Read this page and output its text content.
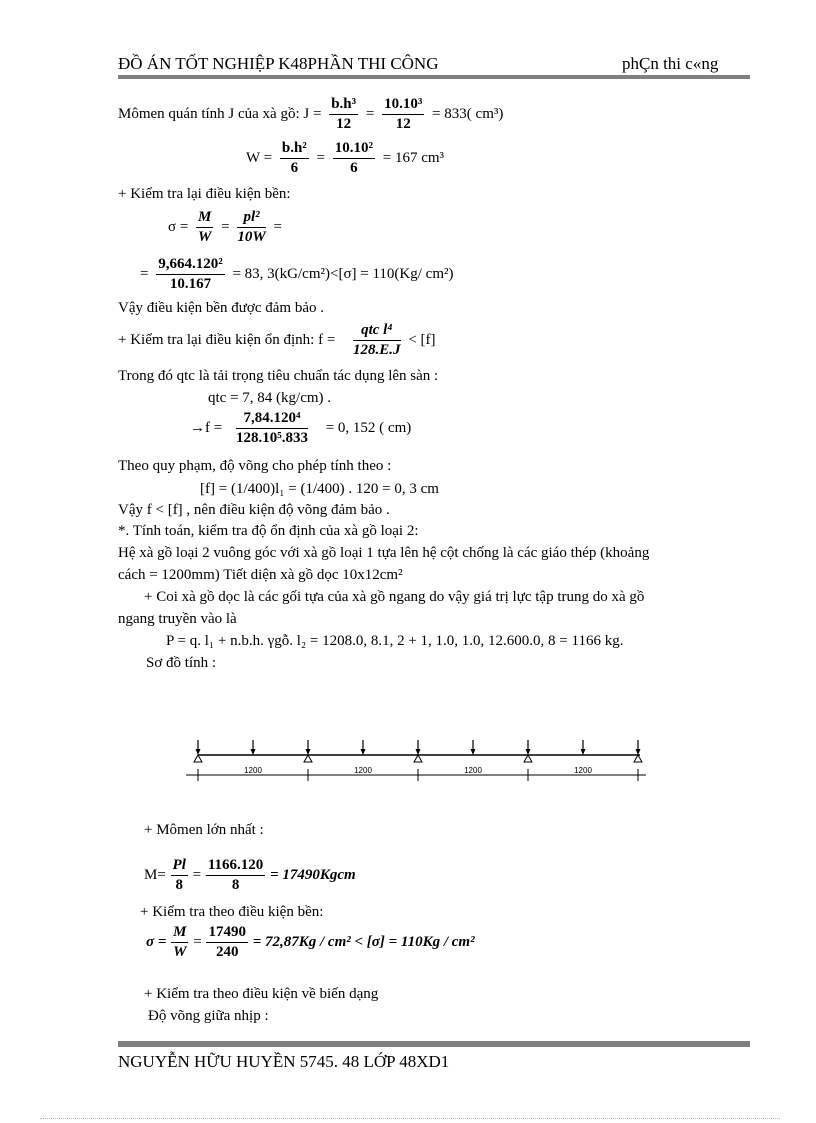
ĐỒ ÁN TỐT NGHIỆP K48PHẦN THI CÔNG	phÇn thi c«ng
Mômen quán tính J của xà gồ: $J = \frac{\text{b.h³}}{12} = \frac{\text{10.10³}}{12} = 833$( cm³)
$W = \frac{\text{b.h²}}{6} = \frac{\text{10.10²}}{6} = 167$ cm³
+ Kiểm tra lại điều kiện bền:
$\sigma = \frac{M}{W} = \frac{\text{pl²}}{10W}$ =
= $\frac{\text{9,664.120²}}{10.167} = 83$, 3(kG/cm²)<[σ] = 110(Kg/ cm²)
Vậy điều kiện bền được đảm bảo .
+ Kiểm tra lại điều kiện ổn định: $f = \frac{\text{qtc l⁴}}{128.E.J} < [f]$
Trong đó qtc là tải trọng tiêu chuẩn tác dụng lên sàn :
qtc = 7, 84 (kg/cm) .
$\to f = \frac{\text{7,84.120⁴}}{\text{128.10⁵.833}} = 0$, 152 ( cm)
Theo quy phạm, độ võng cho phép tính theo :
[f] = (1/400)l₁ = (1/400) . 120 = 0, 3 cm
Vậy f < [f] , nên điều kiện độ võng đảm bảo .
*. Tính toán, kiểm tra độ ổn định của xà gồ loại 2:
Hệ xà gồ loại 2 vuông góc với xà gồ loại 1 tựa lên hệ cột chống là các giáo thép (khoảng
cách = 1200mm) Tiết diện xà gồ dọc 10x12cm²
+ Coi xà gồ dọc là các gối tựa của xà gồ ngang do vậy giá trị lực tập trung do xà gồ
ngang truyền vào là
P = q. l₁ + n.b.h. γgỗ. l₂ = 1208.0, 8.1, 2 + 1, 1.0, 1.0, 12.600.0, 8 = 1166 kg.
Sơ đồ tính :
1200	1200	1200	1200
+ Mômen lớn nhất :
$M= \frac{Pl}{8} = \frac{1166.120}{8}$ = 17490Kgcm
+ Kiểm tra theo điều kiện bền:
$\sigma = \frac{M}{W} = \frac{17490}{240} = 72,87Kg / cm^2 < [\sigma] = 110Kg / cm^2$
+ Kiểm tra theo điều kiện về biến dạng
Độ võng giữa nhịp :
NGUYỄN HỮU HUYỀN 5745. 48 LỚP 48XD1
